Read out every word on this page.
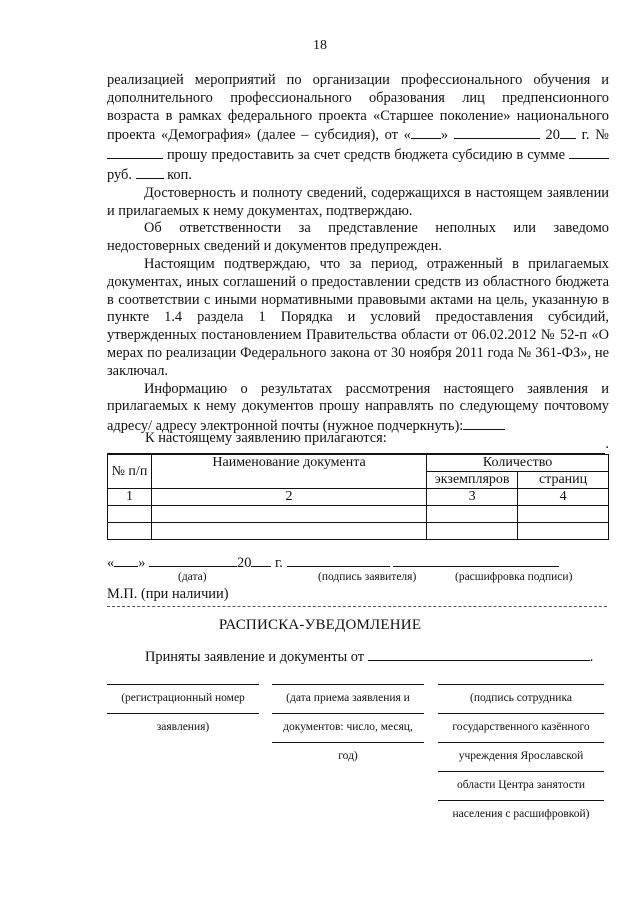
18

реализацией мероприятий по организации профессионального обучения и дополнительного профессионального образования лиц предпенсионного возраста в рамках федерального проекта «Старшее поколение» национального проекта «Демография» (далее – субсидия), от « »	20 г. №  прошу предоставить за счет средств бюджета субсидию в сумме  руб. коп.

Достоверность и полноту сведений, содержащихся в настоящем заявлении и прилагаемых к нему документах, подтверждаю.

Об ответственности за представление неполных или заведомо недостоверных сведений и документов предупрежден.

Настоящим подтверждаю, что за период, отраженный в прилагаемых документах, иных соглашений о предоставлении средств из областного бюджета в соответствии с иными нормативными правовыми актами на цель, указанную в пункте 1.4 раздела 1 Порядка и условий предоставления субсидий, утвержденных постановлением Правительства области от 06.02.2012 № 52-п «О мерах по реализации Федерального закона от 30 ноября 2011 года № 361-ФЗ», не заключал.

Информацию о результатах рассмотрения настоящего заявления и прилагаемых к нему документов прошу направлять по следующему почтовому адресу/ адресу электронной почты (нужное подчеркнуть):

.
К настоящему заявлению прилагаются:
№ п/п	Наименование документа	Количество	
		экземпляров	страниц
1	2	3	4

« »	20 г.
(дата)	(подпись заявителя)	(расшифровка подписи)
М.П. (при наличии)
РАСПИСКА-УВЕДОМЛЕНИЕ
Приняты заявление и документы от	.
(регистрационный номер
заявления)
(дата приема заявления и
документов: число, месяц,
год)
(подпись сотрудника
государственного казённого
учреждения Ярославской
области Центра занятости
населения с расшифровкой)
